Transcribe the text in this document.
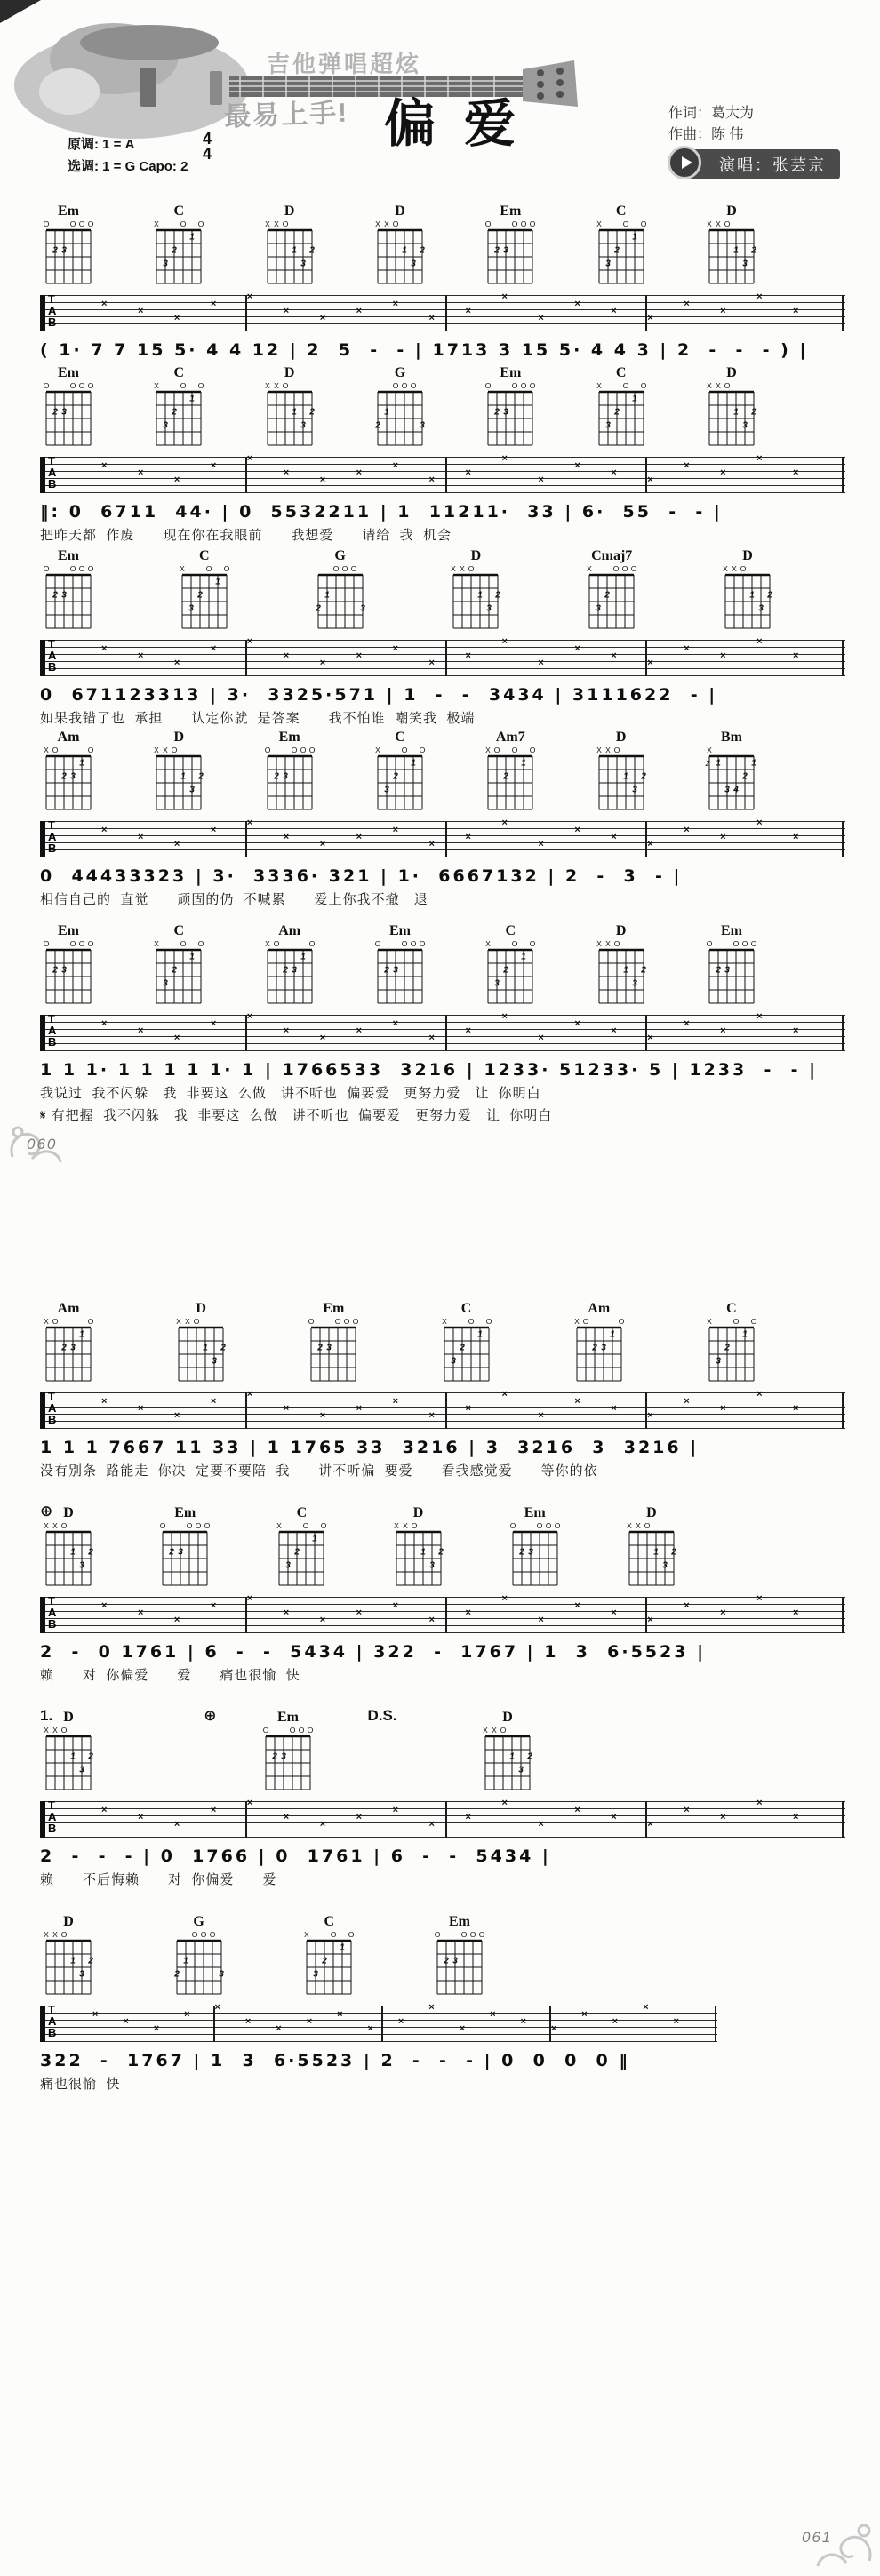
吉他弹唱超炫
最易上手! 偏 爱	作词：葛大为
作曲：陈 伟
演唱：张芸京
原调: 1 = A
选调: 1 = G Capo: 2
4
4
Em
O	O O O
2 3
C
X	O O
3
2
1
D
X X O
1
3
2
D
X X O
1
3
2
Em
O	O O O
2 3
C
X	O O
3
2
1
D
X X O
1
3
2
T
A
B
×
×
×
×
×
×
×
×
×
×
×
×
×
×
×
×
×
×
×
×
( 1· 7 7 15 5· 4 4 12 | 2  5  -  - | 1713 3 15 5· 4 4 3 | 2  -  -  - ) |
Em
O	O O O
2 3
C
X	O O
3
2
1
D
X X O
1
3
2
G
O O O
2
1
3
Em
O	O O O
2 3
C
X	O O
3
2
1
D
X X O
1
3
2
T
A
B
×
×
×
×
×
×
×
×
×
×
×
×
×
×
×
×
×
×
×
×
‖: 0  6711  44· | 0  5532211 | 1  11211·  33 | 6·  55  -  - |
把昨天都  作废　　现在你在我眼前　　我想爱　　请给  我  机会
Em
O	O O O
2 3
C
X	O O
3
2
1
G
O O O
2
1
3
D
X X O
1
3
2
Cmaj7
X	O O O
3
2
D
X X O
1
3
2
T
A
B
×
×
×
×
×
×
×
×
×
×
×
×
×
×
×
×
×
×
×
×
0  671123313 | 3·  3325·571 | 1  -  -  3434 | 3111622  - |
如果我错了也  承担　　认定你就  是答案　　我不怕谁  嘲笑我  极端
Am
X O	O
2 3
1
D
X X O
1
3
2
Em
O	O O O
2 3
C
X	O O
3
2
1
Am7
X O O O
2
1
D
X X O
1
3
2
Bm
X
2 1
3 4
2
1
T
A
B
×
×
×
×
×
×
×
×
×
×
×
×
×
×
×
×
×
×
×
×
0  44433323 | 3·  3336· 321 | 1·  6667132 | 2  -  3  - |
相信自己的  直觉　　顽固的仍  不喊累　　爱上你我不撤　退
Em
O	O O O
2 3
C
X	O O
3
2
1
Am
X O	O
2 3
1
Em
O	O O O
2 3
C
X	O O
3
2
1
D
X X O
1
3
2
Em
O	O O O
2 3
T
A
B
×
×
×
×
×
×
×
×
×
×
×
×
×
×
×
×
×
×
×
×
1 1 1· 1 1 1 1 1· 1 | 1766533  3216 | 1233· 51233· 5 | 1233  -  - |
我说过  我不闪躲　我  非要这  么做　讲不听也  偏要爱　更努力爱　让  你明白
𝄋 有把握  我不闪躲　我  非要这  么做　讲不听也  偏要爱　更努力爱　让  你明白
Am
X O	O
2 3
1
D
X X O
1
3
2
Em
O	O O O
2 3
C
X	O O
3
2
1
Am
X O	O
2 3
1
C
X	O O
3
2
1
T
A
B
×
×
×
×
×
×
×
×
×
×
×
×
×
×
×
×
×
×
×
×
1 1 1 7667 11 33 | 1 1765 33  3216 | 3  3216  3  3216 |
没有别条  路能走  你决  定要不要陪  我　　讲不听偏  要爱　　看我感觉爱　　等你的依
⊕ D
X X O
1
3
2
Em
O	O O O
2 3
C
X	O O
3
2
1
D
X X O
1
3
2
Em
O	O O O
2 3
D
X X O
1
3
2
T
A
B
×
×
×
×
×
×
×
×
×
×
×
×
×
×
×
×
×
×
×
×
2  -  0 1761 | 6  -  -  5434 | 322  -  1767 | 1  3  6·5523 |
赖　　对  你偏爱　　爱　　痛也很愉  快
1.	⊕	D.S.
D
X X O
1
3
2
Em
O	O O O
2 3
D
X X O
1
3
2
T
A
B
×
×
×
×
×
×
×
×
×
×
×
×
×
×
×
×
×
×
×
×
2  -  -  - | 0  1766 | 0  1761 | 6  -  -  5434 |
赖　　不后悔赖　　对  你偏爱　　爱
D
X X O
1
3
2
G
O O O
2
1
3
C
X	O O
3
2
1
Em
O	O O O
2 3
T
A
B
×
×
×
×
×
×
×
×
×
×
×
×
×
×
×
×
×
×
×
×
322  -  1767 | 1  3  6·5523 | 2  -  -  - | 0  0  0  0 ‖
痛也很愉  快
060
061
